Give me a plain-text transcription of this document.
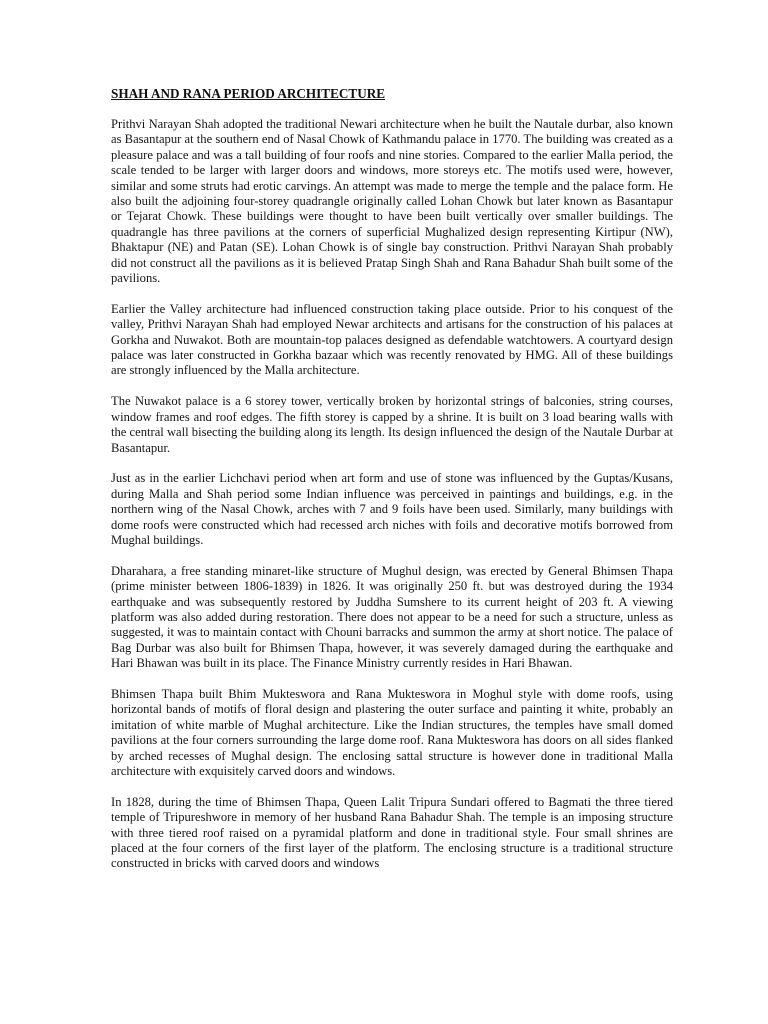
SHAH AND RANA PERIOD ARCHITECTURE

Prithvi Narayan Shah adopted the traditional Newari architecture when he built the Nautale durbar, also known as Basantapur at the southern end of Nasal Chowk of Kathmandu palace in 1770. The building was created as a pleasure palace and was a tall building of four roofs and nine stories. Compared to the earlier Malla period, the scale tended to be larger with larger doors and windows, more storeys etc. The motifs used were, however, similar and some struts had erotic carvings. An attempt was made to merge the temple and the palace form. He also built the adjoining four-storey quadrangle originally called Lohan Chowk but later known as Basantapur or Tejarat Chowk. These buildings were thought to have been built vertically over smaller buildings. The quadrangle has three pavilions at the corners of superficial Mughalized design representing Kirtipur (NW), Bhaktapur (NE) and Patan (SE). Lohan Chowk is of single bay construction. Prithvi Narayan Shah probably did not construct all the pavilions as it is believed Pratap Singh Shah and Rana Bahadur Shah built some of the pavilions.

Earlier the Valley architecture had influenced construction taking place outside. Prior to his conquest of the valley, Prithvi Narayan Shah had employed Newar architects and artisans for the construction of his palaces at Gorkha and Nuwakot. Both are mountain-top palaces designed as defendable watchtowers. A courtyard design palace was later constructed in Gorkha bazaar which was recently renovated by HMG. All of these buildings are strongly influenced by the Malla architecture.

The Nuwakot palace is a 6 storey tower, vertically broken by horizontal strings of balconies, string courses, window frames and roof edges. The fifth storey is capped by a shrine. It is built on 3 load bearing walls with the central wall bisecting the building along its length. Its design influenced the design of the Nautale Durbar at Basantapur.

Just as in the earlier Lichchavi period when art form and use of stone was influenced by the Guptas/Kusans, during Malla and Shah period some Indian influence was perceived in paintings and buildings, e.g. in the northern wing of the Nasal Chowk, arches with 7 and 9 foils have been used. Similarly, many buildings with dome roofs were constructed which had recessed arch niches with foils and decorative motifs borrowed from Mughal buildings.

Dharahara, a free standing minaret-like structure of Mughul design, was erected by General Bhimsen Thapa (prime minister between 1806-1839) in 1826. It was originally 250 ft. but was destroyed during the 1934 earthquake and was subsequently restored by Juddha Sumshere to its current height of 203 ft. A viewing platform was also added during restoration. There does not appear to be a need for such a structure, unless as suggested, it was to maintain contact with Chouni barracks and summon the army at short notice. The palace of Bag Durbar was also built for Bhimsen Thapa, however, it was severely damaged during the earthquake and Hari Bhawan was built in its place. The Finance Ministry currently resides in Hari Bhawan.

Bhimsen Thapa built Bhim Mukteswora and Rana Mukteswora in Moghul style with dome roofs, using horizontal bands of motifs of floral design and plastering the outer surface and painting it white, probably an imitation of white marble of Mughal architecture. Like the Indian structures, the temples have small domed pavilions at the four corners surrounding the large dome roof. Rana Mukteswora has doors on all sides flanked by arched recesses of Mughal design. The enclosing sattal structure is however done in traditional Malla architecture with exquisitely carved doors and windows.

In 1828, during the time of Bhimsen Thapa, Queen Lalit Tripura Sundari offered to Bagmati the three tiered temple of Tripureshwore in memory of her husband Rana Bahadur Shah. The temple is an imposing structure with three tiered roof raised on a pyramidal platform and done in traditional style. Four small shrines are placed at the four corners of the first layer of the platform. The enclosing structure is a traditional structure constructed in bricks with carved doors and windows
